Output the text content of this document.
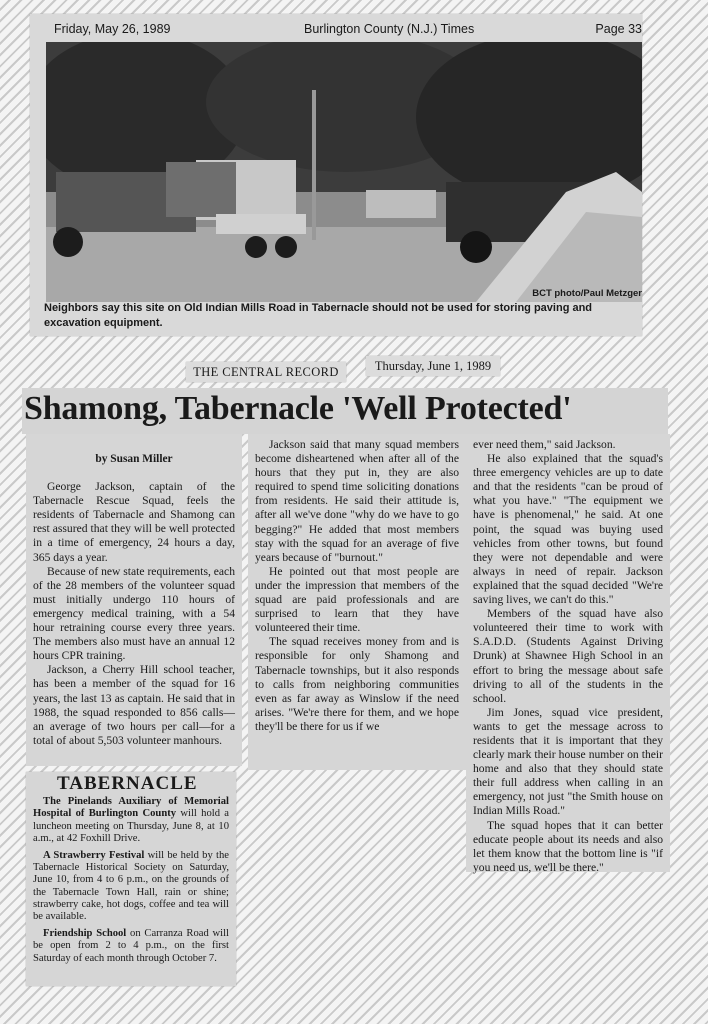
Friday, May 26, 1989	Burlington County (N.J.) Times	Page 33
BCT photo/Paul Metzger
Neighbors say this site on Old Indian Mills Road in Tabernacle should not be used for storing paving and excavation equipment.
THE CENTRAL RECORD	Thursday, June 1, 1989
Shamong, Tabernacle 'Well Protected'

by Susan Miller

George Jackson, captain of the Tabernacle Rescue Squad, feels the residents of Tabernacle and Shamong can rest assured that they will be well protected in a time of emergency, 24 hours a day, 365 days a year.

Because of new state requirements, each of the 28 members of the volunteer squad must initially undergo 110 hours of emergency medical training, with a 54 hour retraining course every three years. The members also must have an annual 12 hours CPR training.

Jackson, a Cherry Hill school teacher, has been a member of the squad for 16 years, the last 13 as captain. He said that in 1988, the squad responded to 856 calls—an average of two hours per call—for a total of about 5,503 volunteer manhours.

Jackson said that many squad members become disheartened when after all of the hours that they put in, they are also required to spend time soliciting donations from residents. He said their attitude is, after all we've done "why do we have to go begging?" He added that most members stay with the squad for an average of five years because of "burnout."

He pointed out that most people are under the impression that members of the squad are paid professionals and are surprised to learn that they have volunteered their time.

The squad receives money from and is responsible for only Shamong and Tabernacle townships, but it also responds to calls from neighboring communities even as far away as Winslow if the need arises. "We're there for them, and we hope they'll be there for us if we

ever need them," said Jackson.

He also explained that the squad's three emergency vehicles are up to date and that the residents "can be proud of what you have." "The equipment we have is phenomenal," he said. At one point, the squad was buying used vehicles from other towns, but found they were not dependable and were always in need of repair. Jackson explained that the squad decided "We're saving lives, we can't do this."

Members of the squad have also volunteered their time to work with S.A.D.D. (Students Against Driving Drunk) at Shawnee High School in an effort to bring the message about safe driving to all of the students in the school.

Jim Jones, squad vice president, wants to get the message across to residents that it is important that they clearly mark their house number on their home and also that they should state their full address when calling in an emergency, not just "the Smith house on Indian Mills Road."

The squad hopes that it can better educate people about its needs and also let them know that the bottom line is "if you need us, we'll be there."

TABERNACLE

The Pinelands Auxiliary of Memorial Hospital of Burlington County will hold a luncheon meeting on Thursday, June 8, at 10 a.m., at 42 Foxhill Drive.

A Strawberry Festival will be held by the Tabernacle Historical Society on Saturday, June 10, from 4 to 6 p.m., on the grounds of the Tabernacle Town Hall, rain or shine; strawberry cake, hot dogs, coffee and tea will be available.

Friendship School on Carranza Road will be open from 2 to 4 p.m., on the first Saturday of each month through October 7.
